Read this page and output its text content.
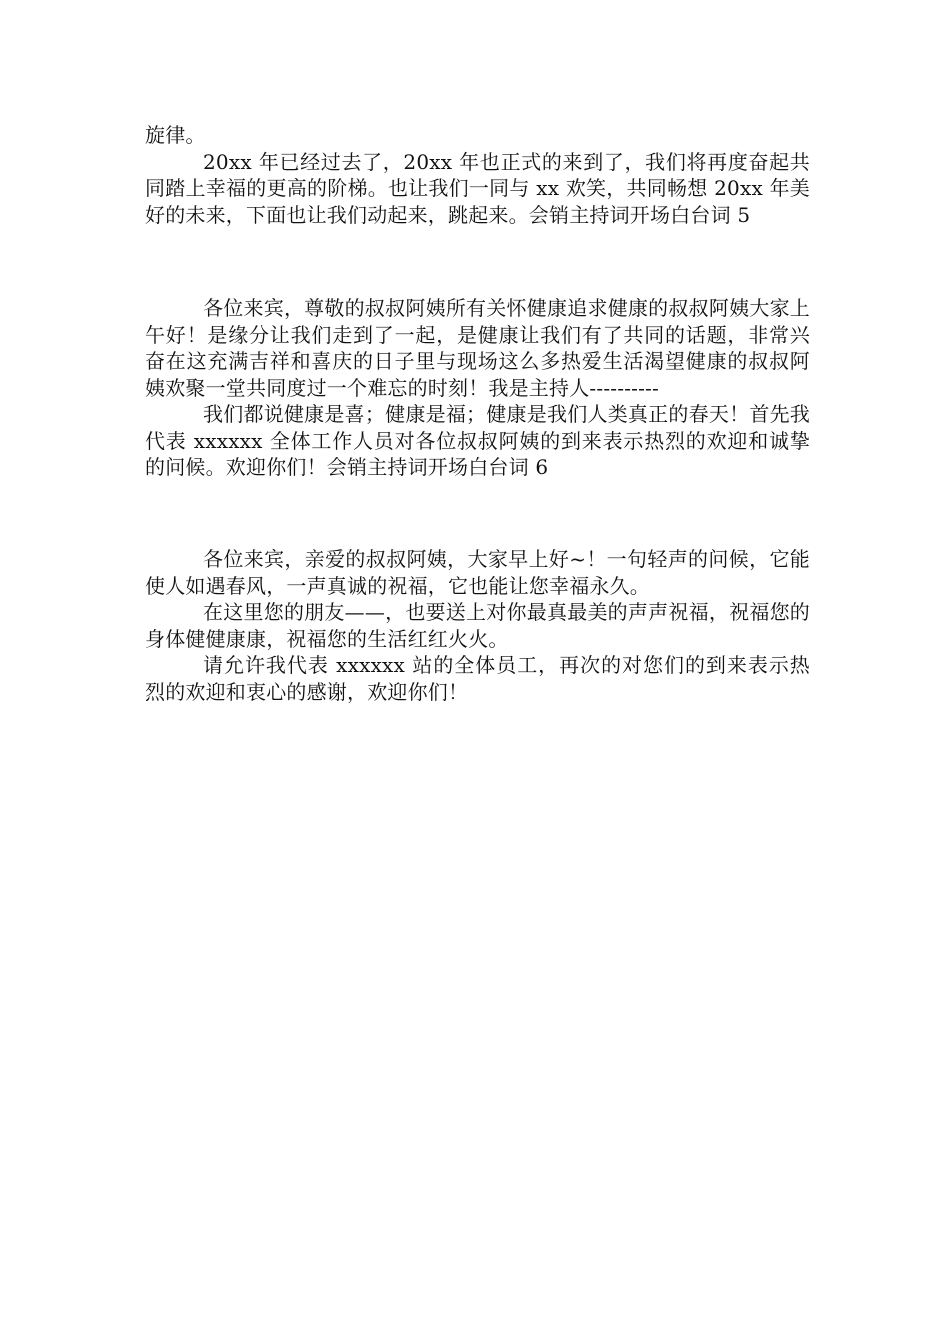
旋律。

20xx 年已经过去了，20xx 年也正式的来到了，我们将再度奋起共同踏上幸福的更高的阶梯。也让我们一同与 xx 欢笑，共同畅想 20xx 年美好的未来，下面也让我们动起来，跳起来。会销主持词开场白台词 5

各位来宾，尊敬的叔叔阿姨所有关怀健康追求健康的叔叔阿姨大家上午好！是缘分让我们走到了一起，是健康让我们有了共同的话题，非常兴奋在这充满吉祥和喜庆的日子里与现场这么多热爱生活渴望健康的叔叔阿姨欢聚一堂共同度过一个难忘的时刻！我是主持人----------

我们都说健康是喜；健康是福；健康是我们人类真正的春天！首先我代表 xxxxxx 全体工作人员对各位叔叔阿姨的到来表示热烈的欢迎和诚挚的问候。欢迎你们！会销主持词开场白台词 6

各位来宾，亲爱的叔叔阿姨，大家早上好~！一句轻声的问候，它能使人如遇春风，一声真诚的祝福，它也能让您幸福永久。

在这里您的朋友——，也要送上对你最真最美的声声祝福，祝福您的身体健健康康，祝福您的生活红红火火。

请允许我代表 xxxxxx 站的全体员工，再次的对您们的到来表示热烈的欢迎和衷心的感谢，欢迎你们！
